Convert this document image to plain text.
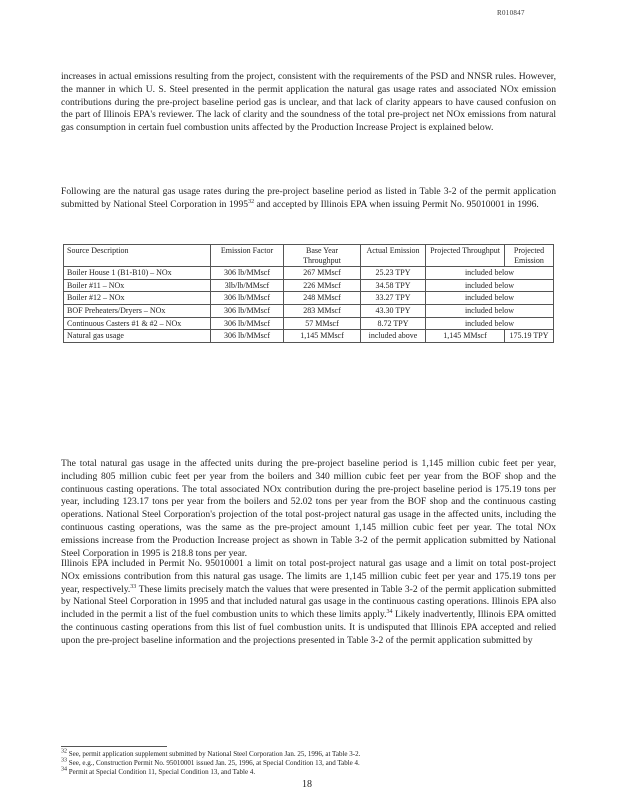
R010847

increases in actual emissions resulting from the project, consistent with the requirements of the PSD and NNSR rules. However, the manner in which U. S. Steel presented in the permit application the natural gas usage rates and associated NOx emission contributions during the pre-project baseline period gas is unclear, and that lack of clarity appears to have caused confusion on the part of Illinois EPA's reviewer. The lack of clarity and the soundness of the total pre-project net NOx emissions from natural gas consumption in certain fuel combustion units affected by the Production Increase Project is explained below.

Following are the natural gas usage rates during the pre-project baseline period as listed in Table 3-2 of the permit application submitted by National Steel Corporation in 1995$^{32}$ and accepted by Illinois EPA when issuing Permit No. 95010001 in 1996.

Source Description	Emission Factor	Base Year Throughput	Actual Emission	Projected Throughput	Projected Emission
Boiler House 1 (B1-B10) – NOx	306 lb/MMscf	267 MMscf	25.23 TPY	included below	
Boiler #11 – NOx	3lb/lb/MMscf	226 MMscf	34.58 TPY	included below	
Boiler #12 – NOx	306 lb/MMscf	248 MMscf	33.27 TPY	included below	
BOF Preheaters/Dryers – NOx	306 lb/MMscf	283 MMscf	43.30 TPY	included below	
Continuous Casters #1 & #2 – NOx	306 lb/MMscf	57 MMscf	8.72 TPY	included below	
Natural gas usage	306 lb/MMscf	1,145 MMscf	included above	1,145 MMscf	175.19 TPY

The total natural gas usage in the affected units during the pre-project baseline period is 1,145 million cubic feet per year, including 805 million cubic feet per year from the boilers and 340 million cubic feet per year from the BOF shop and the continuous casting operations. The total associated NOx contribution during the pre-project baseline period is 175.19 tons per year, including 123.17 tons per year from the boilers and 52.02 tons per year from the BOF shop and the continuous casting operations. National Steel Corporation's projection of the total post-project natural gas usage in the affected units, including the continuous casting operations, was the same as the pre-project amount 1,145 million cubic feet per year. The total NOx emissions increase from the Production Increase project as shown in Table 3-2 of the permit application submitted by National Steel Corporation in 1995 is 218.8 tons per year.

Illinois EPA included in Permit No. 95010001 a limit on total post-project natural gas usage and a limit on total post-project NOx emissions contribution from this natural gas usage. The limits are 1,145 million cubic feet per year and 175.19 tons per year, respectively.$^{33}$ These limits precisely match the values that were presented in Table 3-2 of the permit application submitted by National Steel Corporation in 1995 and that included natural gas usage in the continuous casting operations. Illinois EPA also included in the permit a list of the fuel combustion units to which these limits apply.$^{34}$ Likely inadvertently, Illinois EPA omitted the continuous casting operations from this list of fuel combustion units. It is undisputed that Illinois EPA accepted and relied upon the pre-project baseline information and the projections presented in Table 3-2 of the permit application submitted by

$^{32}$ See, permit application supplement submitted by National Steel Corporation Jan. 25, 1996, at Table 3-2.

$^{33}$ See, e.g., Construction Permit No. 95010001 issued Jan. 25, 1996, at Special Condition 13, and Table 4.

$^{34}$ Permit at Special Condition 11, Special Condition 13, and Table 4.

18
